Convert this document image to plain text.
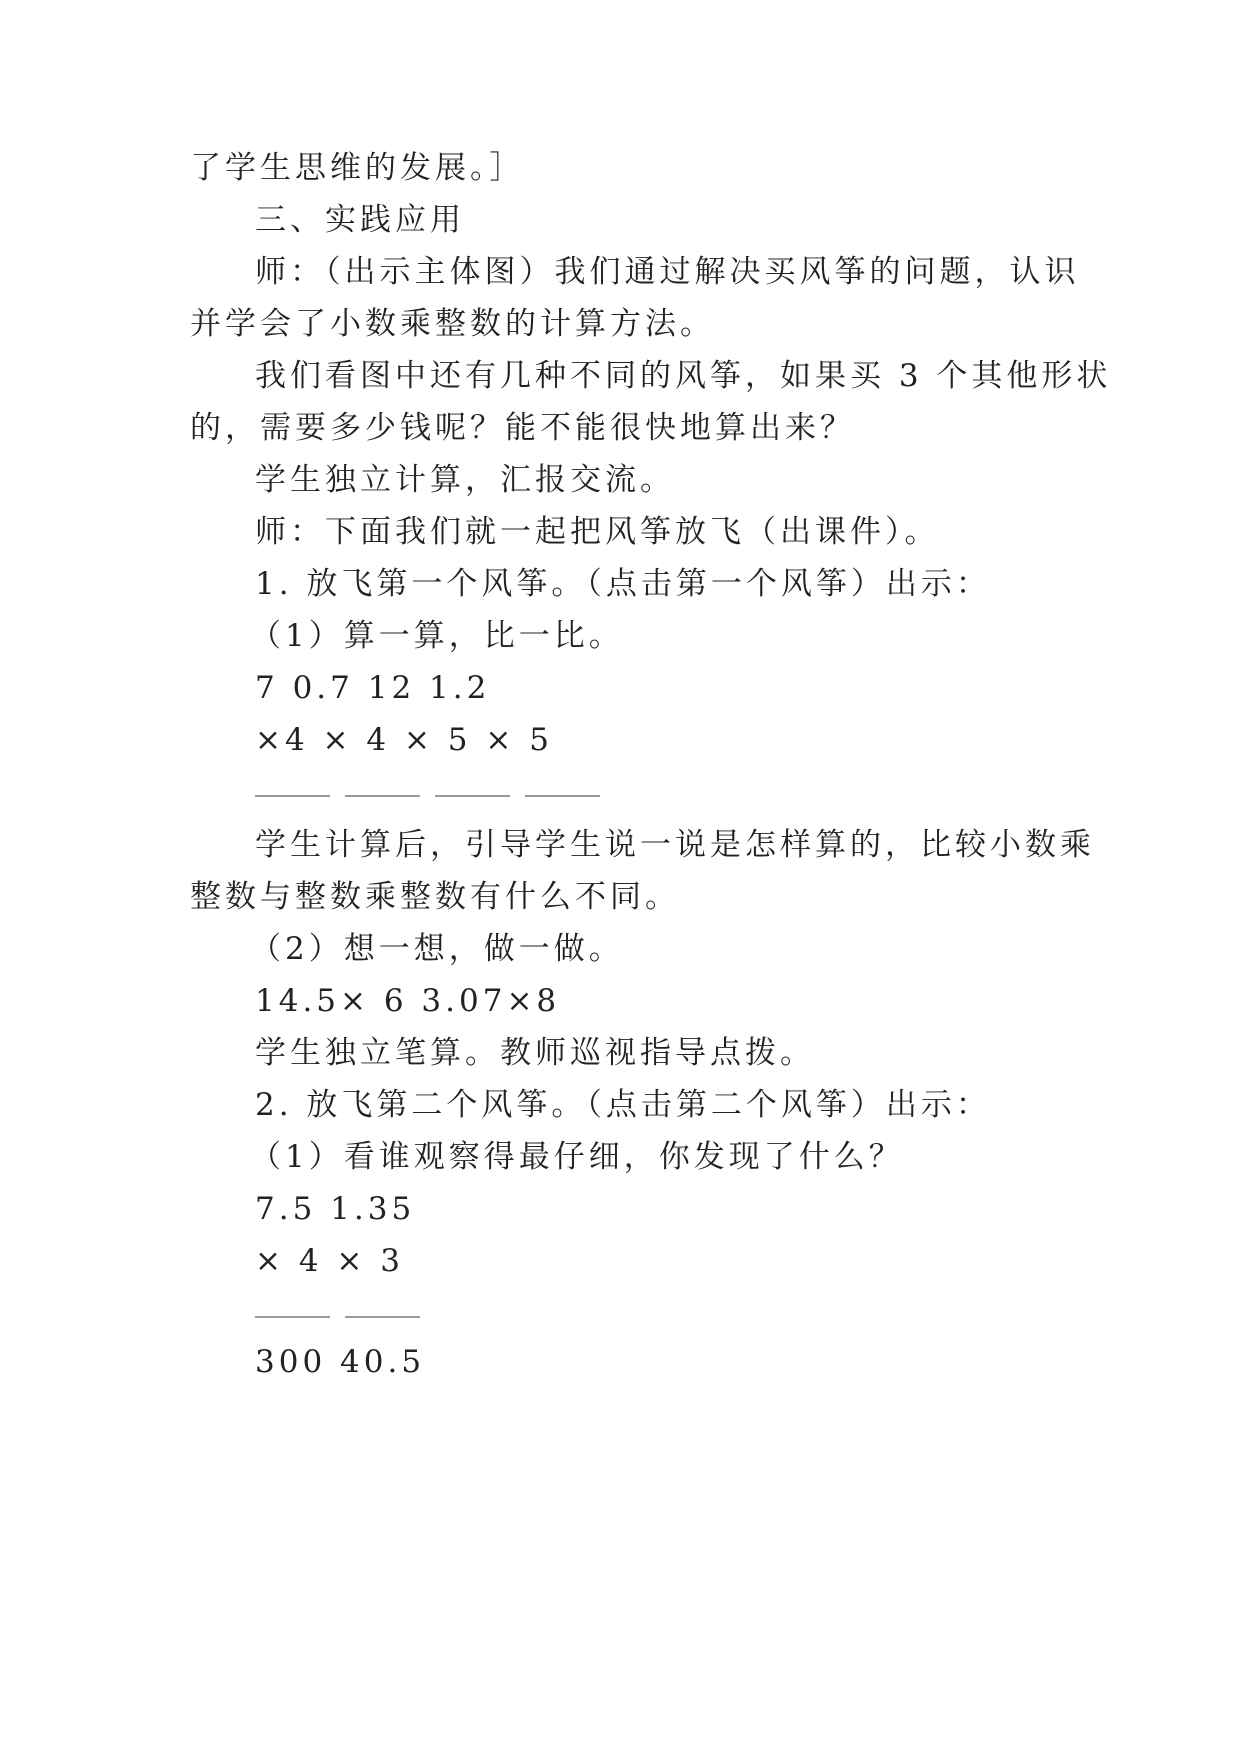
了学生思维的发展。］
三、实践应用
师：（出示主体图）我们通过解决买风筝的问题，认识
并学会了小数乘整数的计算方法。
我们看图中还有几种不同的风筝，如果买 3 个其他形状
的，需要多少钱呢？能不能很快地算出来？
学生独立计算，汇报交流。
师：下面我们就一起把风筝放飞（出课件）。
1. 放飞第一个风筝。（点击第一个风筝）出示：
（1）算一算，比一比。
7 0.7 12 1.2
×4 × 4 × 5 × 5
学生计算后，引导学生说一说是怎样算的，比较小数乘
整数与整数乘整数有什么不同。
（2）想一想，做一做。
14.5× 6 3.07×8
学生独立笔算。教师巡视指导点拨。
2. 放飞第二个风筝。（点击第二个风筝）出示：
（1）看谁观察得最仔细，你发现了什么？
7.5 1.35
× 4 × 3
300 40.5
